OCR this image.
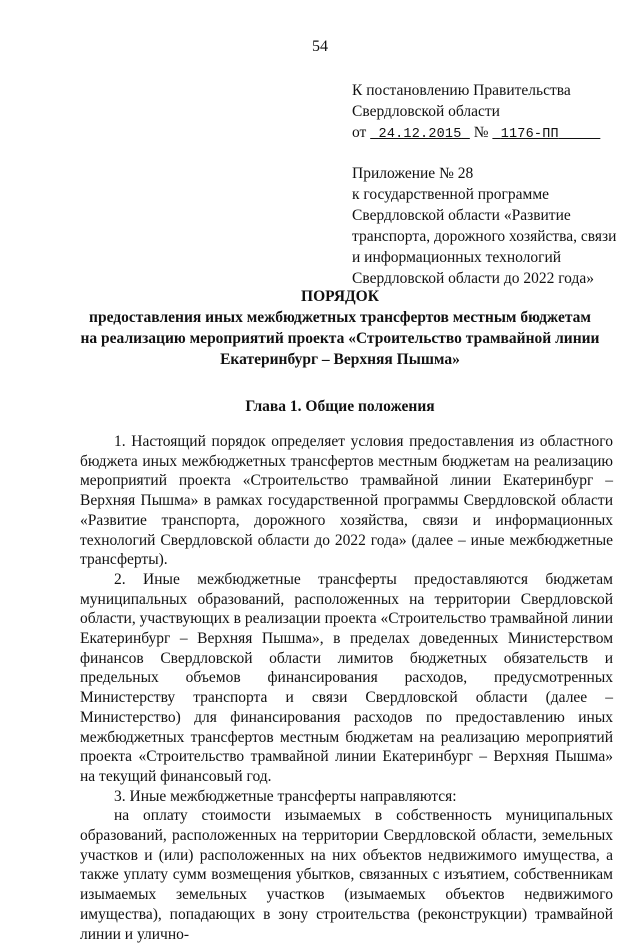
54
К постановлению Правительства
Свердловской области
от 24.12.2015 № 1176-ПП
Приложение № 28
к государственной программе
Свердловской области «Развитие
транспорта, дорожного хозяйства, связи
и информационных технологий
Свердловской области до 2022 года»
ПОРЯДОК
предоставления иных межбюджетных трансфертов местным бюджетам
на реализацию мероприятий проекта «Строительство трамвайной линии
Екатеринбург – Верхняя Пышма»
Глава 1. Общие положения

1. Настоящий порядок определяет условия предоставления из областного бюджета иных межбюджетных трансфертов местным бюджетам на реализацию мероприятий проекта «Строительство трамвайной линии Екатеринбург – Верхняя Пышма» в рамках государственной программы Свердловской области «Развитие транспорта, дорожного хозяйства, связи и информационных технологий Свердловской области до 2022 года» (далее – иные межбюджетные трансферты).

2. Иные межбюджетные трансферты предоставляются бюджетам муниципальных образований, расположенных на территории Свердловской области, участвующих в реализации проекта «Строительство трамвайной линии Екатеринбург – Верхняя Пышма», в пределах доведенных Министерством финансов Свердловской области лимитов бюджетных обязательств и предельных объемов финансирования расходов, предусмотренных Министерству транспорта и связи Свердловской области (далее – Министерство) для финансирования расходов по предоставлению иных межбюджетных трансфертов местным бюджетам на реализацию мероприятий проекта «Строительство трамвайной линии Екатеринбург – Верхняя Пышма» на текущий финансовый год.

3. Иные межбюджетные трансферты направляются:

на оплату стоимости изымаемых в собственность муниципальных образований, расположенных на территории Свердловской области, земельных участков и (или) расположенных на них объектов недвижимого имущества, а также уплату сумм возмещения убытков, связанных с изъятием, собственникам изымаемых земельных участков (изымаемых объектов недвижимого имущества), попадающих в зону строительства (реконструкции) трамвайной линии и улично-
